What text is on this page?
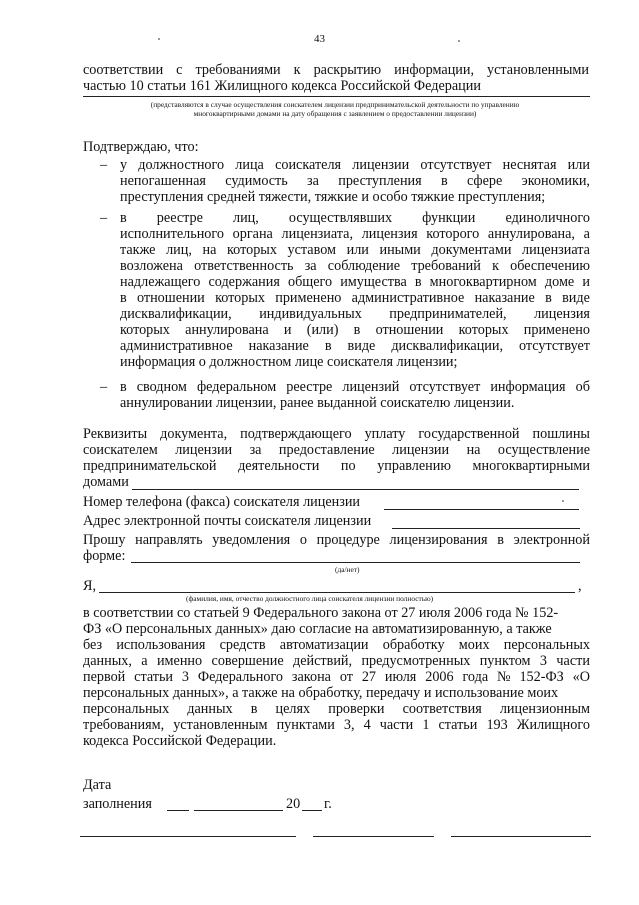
43
соответствии с требованиями к раскрытию информации, установленными
частью 10 статьи 161 Жилищного кодекса Российской Федерации
(представляются в случае осуществления соискателем лицензии предпринимательской деятельности по управлению
многоквартирными домами на дату обращения с заявлением о предоставлении лицензии)
Подтверждаю, что:
– у должностного лица соискателя лицензии отсутствует неснятая или
непогашенная судимость за преступления в сфере экономики,
преступления средней тяжести, тяжкие и особо тяжкие преступления;
– в реестре лиц, осуществлявших функции единоличного
исполнительного органа лицензиата, лицензия которого аннулирована, а
также лиц, на которых уставом или иными документами лицензиата
возложена ответственность за соблюдение требований к обеспечению
надлежащего содержания общего имущества в многоквартирном доме и
в отношении которых применено административное наказание в виде
дисквалификации, индивидуальных предпринимателей, лицензия
которых аннулирована и (или) в отношении которых применено
административное наказание в виде дисквалификации, отсутствует
информация о должностном лице соискателя лицензии;
– в сводном федеральном реестре лицензий отсутствует информация об
аннулировании лицензии, ранее выданной соискателю лицензии.
Реквизиты документа, подтверждающего уплату государственной пошлины
соискателем лицензии за предоставление лицензии на осуществление
предпринимательской деятельности по управлению многоквартирными
домами
Номер телефона (факса) соискателя лицензии
Адрес электронной почты соискателя лицензии
Прошу направлять уведомления о процедуре лицензирования в электронной
форме:
(да/нет)
Я,	,
(фамилия, имя, отчество должностного лица соискателя лицензии полностью)
в соответствии со статьей 9 Федерального закона от 27 июля 2006 года № 152-
ФЗ «О персональных данных» даю согласие на автоматизированную, а также
без использования средств автоматизации обработку моих персональных
данных, а именно совершение действий, предусмотренных пунктом 3 части
первой статьи 3 Федерального закона от 27 июля 2006 года № 152-ФЗ «О
персональных данных», а также на обработку, передачу и использование моих
персональных данных в целях проверки соответствия лицензионным
требованиям, установленным пунктами 3, 4 части 1 статьи 193 Жилищного
кодекса Российской Федерации.
Дата
заполнения	20 г.
